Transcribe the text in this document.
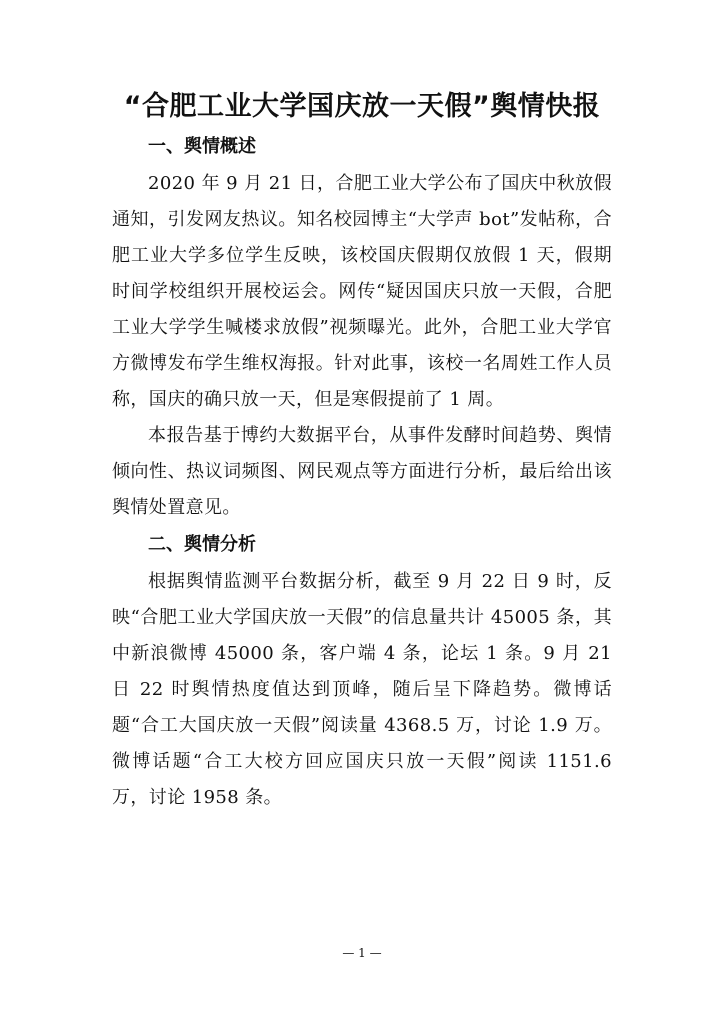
“合肥工业大学国庆放一天假”舆情快报
一、舆情概述

2020 年 9 月 21 日，合肥工业大学公布了国庆中秋放假通知，引发网友热议。知名校园博主“大学声 bot”发帖称，合肥工业大学多位学生反映，该校国庆假期仅放假 1 天，假期时间学校组织开展校运会。网传“疑因国庆只放一天假，合肥工业大学学生喊楼求放假”视频曝光。此外，合肥工业大学官方微博发布学生维权海报。针对此事，该校一名周姓工作人员称，国庆的确只放一天，但是寒假提前了 1 周。

本报告基于博约大数据平台，从事件发酵时间趋势、舆情倾向性、热议词频图、网民观点等方面进行分析，最后给出该舆情处置意见。

二、舆情分析

根据舆情监测平台数据分析，截至 9 月 22 日 9 时，反映“合肥工业大学国庆放一天假”的信息量共计 45005 条，其中新浪微博 45000 条，客户端 4 条，论坛 1 条。9 月 21 日 22 时舆情热度值达到顶峰，随后呈下降趋势。微博话题“合工大国庆放一天假”阅读量 4368.5 万，讨论 1.9 万。微博话题“合工大校方回应国庆只放一天假”阅读 1151.6 万，讨论 1958 条。

— 1 —
